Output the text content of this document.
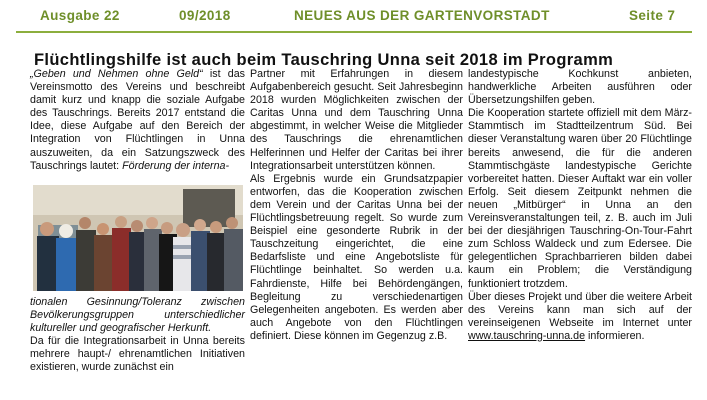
Ausgabe 22	09/2018	NEUES AUS DER GARTENVORSTADT	Seite 7
Flüchtlingshilfe ist auch beim Tauschring Unna seit 2018 im Programm

„Geben und Nehmen ohne Geld“ ist das Vereinsmotto des Vereins und beschreibt damit kurz und knapp die soziale Aufgabe des Tauschrings. Bereits 2017 entstand die Idee, diese Aufgabe auf den Bereich der Integration von Flüchtlingen in Unna auszuweiten, da ein Satzungszweck des Tauschrings lautet: Förderung der interna-

tionalen Gesinnung/Toleranz zwischen Bevölkerungsgruppen unterschiedlicher kultureller und geografischer Herkunft.

Da für die Integrationsarbeit in Unna bereits mehrere haupt-/ ehrenamtlichen Initiativen existieren, wurde zunächst ein

Partner mit Erfahrungen in diesem Aufgabenbereich gesucht. Seit Jahresbeginn 2018 wurden Möglichkeiten zwischen der Caritas Unna und dem Tauschring Unna abgestimmt, in welcher Weise die Mitglieder des Tauschrings die ehrenamtlichen Helferinnen und Helfer der Caritas bei ihrer Integrationsarbeit unterstützen können.

Als Ergebnis wurde ein Grundsatzpapier entworfen, das die Kooperation zwischen dem Verein und der Caritas Unna bei der Flüchtlingsbetreuung regelt. So wurde zum Beispiel eine gesonderte Rubrik in der Tauschzeitung eingerichtet, die eine Bedarfsliste und eine Angebotsliste für Flüchtlinge beinhaltet. So werden u.a. Fahrdienste, Hilfe bei Behördengängen, Begleitung zu verschiedenartigen Gelegenheiten angeboten. Es werden aber auch Angebote von den Flüchtlingen definiert. Diese können im Gegenzug z.B.

landestypische Kochkunst anbieten, handwerkliche Arbeiten ausführen oder Übersetzungshilfen geben.

Die Kooperation startete offiziell mit dem März-Stammtisch im Stadtteilzentrum Süd. Bei dieser Veranstaltung waren über 20 Flüchtlinge bereits anwesend, die für die anderen Stammtischgäste landestypische Gerichte vorbereitet hatten. Dieser Auftakt war ein voller Erfolg. Seit diesem Zeitpunkt nehmen die neuen „Mitbürger“ in Unna an den Vereinsveranstaltungen teil, z. B. auch im Juli bei der diesjährigen Tauschring-On-Tour-Fahrt zum Schloss Waldeck und zum Edersee. Die gelegentlichen Sprachbarrieren bilden dabei kaum ein Problem; die Verständigung funktioniert trotzdem.

Über dieses Projekt und über die weitere Arbeit des Vereins kann man sich auf der vereinseigenen Webseite im Internet unter www.tauschring-unna.de informieren.
